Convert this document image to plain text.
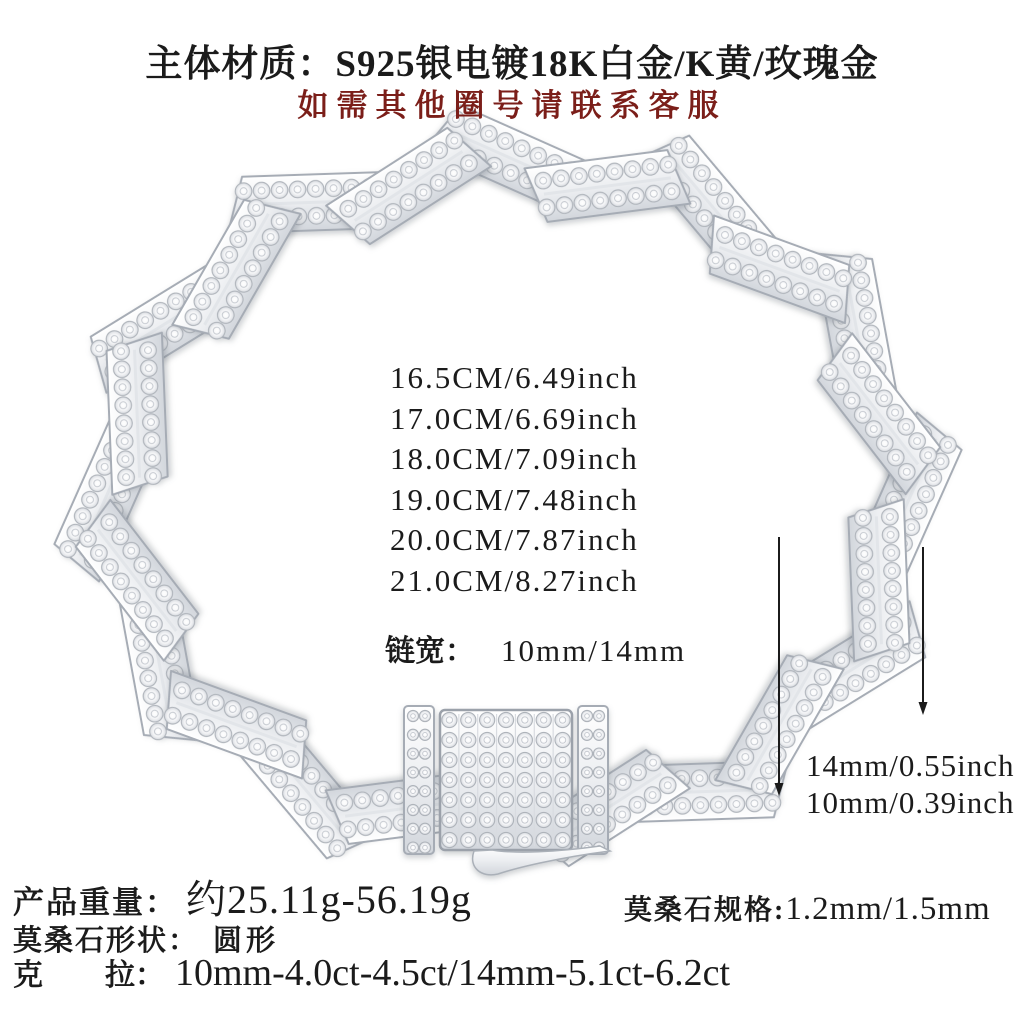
主体材质：S925银电镀18K白金/K黄/玫瑰金
如需其他圈号请联系客服
16.5CM/6.49inch
17.0CM/6.69inch
18.0CM/7.09inch
19.0CM/7.48inch
20.0CM/7.87inch
21.0CM/8.27inch
链宽： 10mm/14mm
14mm/0.55inch
10mm/0.39inch
产品重量： 约25.11g-56.19g	莫桑石规格: 1.2mm/1.5mm
莫桑石形状： 圆形
克 拉： 10mm-4.0ct-4.5ct/14mm-5.1ct-6.2ct
